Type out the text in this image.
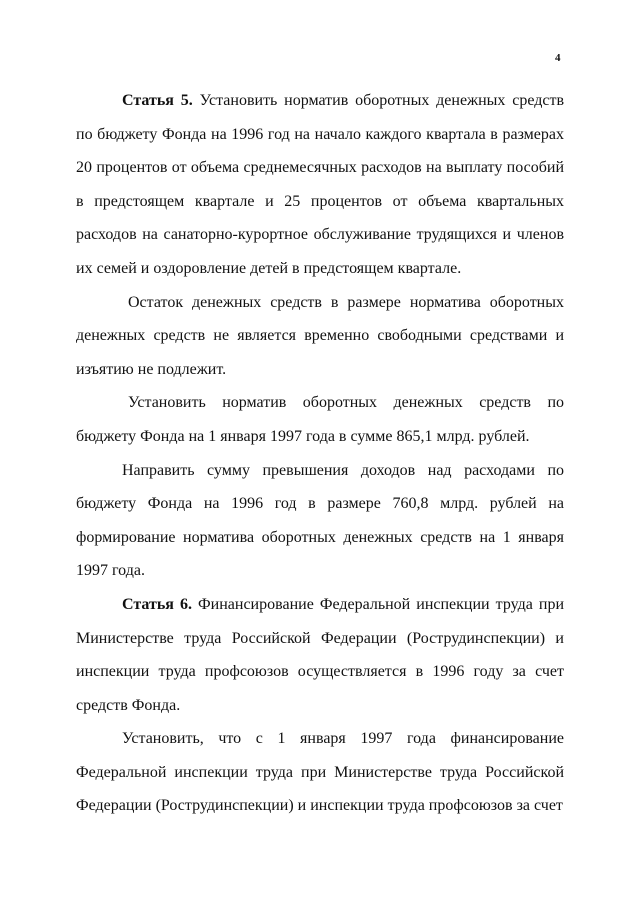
4

Статья 5. Установить норматив оборотных денежных средств по бюджету Фонда на 1996 год на начало каждого квартала в размерах 20 процентов от объема среднемесячных расходов на выплату пособий в предстоящем квартале и 25 процентов от объема квартальных расходов на санаторно-курортное обслуживание трудящихся и членов их семей и оздоровление детей в предстоящем квартале.

Остаток денежных средств в размере норматива оборотных денежных средств не является временно свободными средствами и изъятию не подлежит.

Установить норматив оборотных денежных средств по бюджету Фонда на 1 января 1997 года в сумме 865,1 млрд. рублей.

Направить сумму превышения доходов над расходами по бюджету Фонда на 1996 год в размере 760,8 млрд. рублей на формирование норматива оборотных денежных средств на 1 января 1997 года.

Статья 6. Финансирование Федеральной инспекции труда при Министерстве труда Российской Федерации (Рострудинспекции) и инспекции труда профсоюзов осуществляется в 1996 году за счет средств Фонда.

Установить, что с 1 января 1997 года финансирование Федеральной инспекции труда при Министерстве труда Российской Федерации (Рострудинспекции) и инспекции труда профсоюзов за счет
